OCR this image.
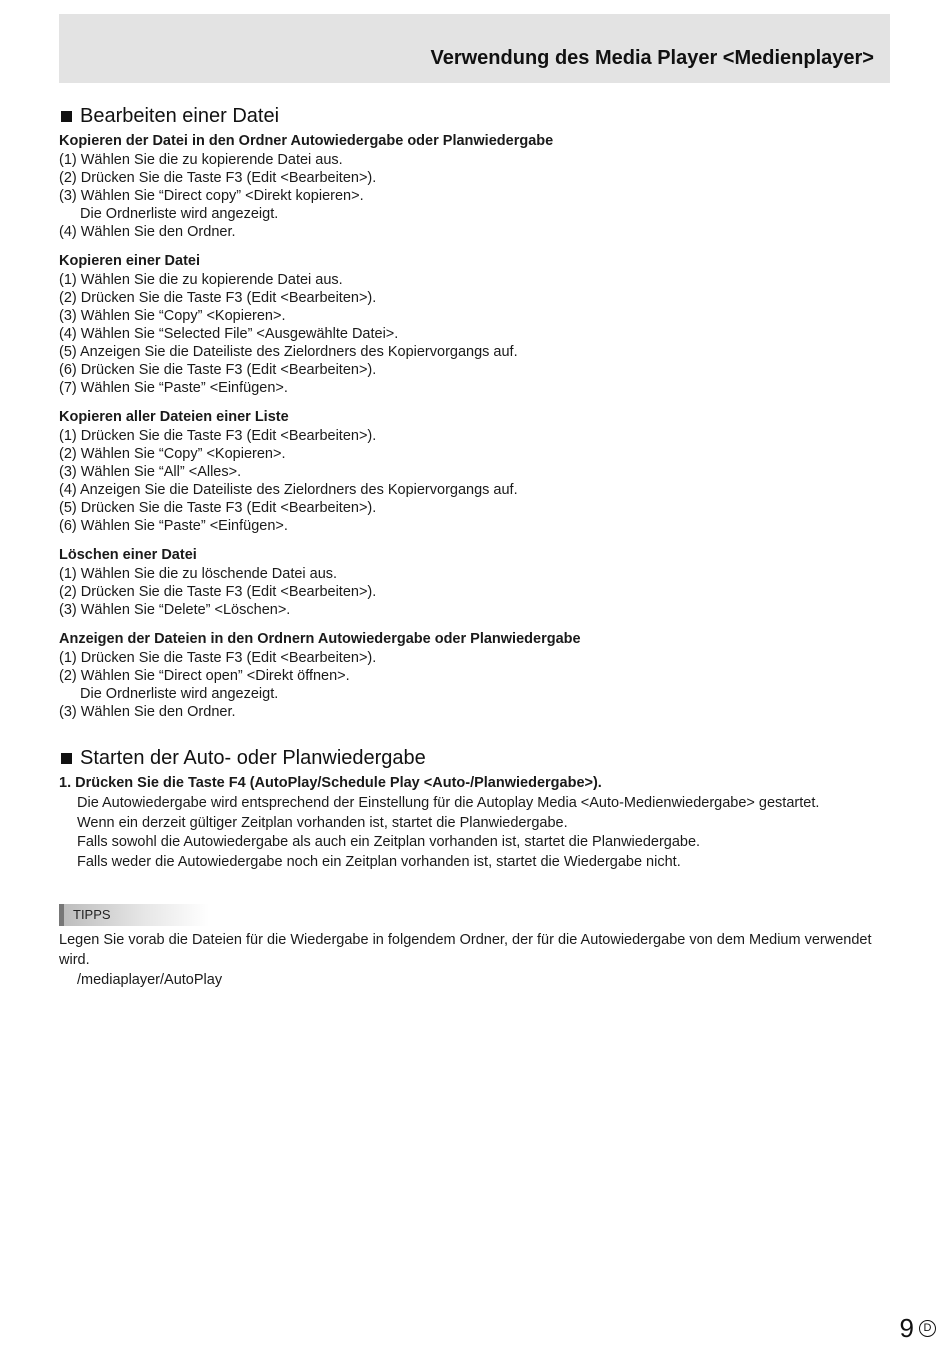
Verwendung des Media Player <Medienplayer>
Bearbeiten einer Datei
Kopieren der Datei in den Ordner Autowiedergabe oder Planwiedergabe
(1) Wählen Sie die zu kopierende Datei aus.
(2) Drücken Sie die Taste F3 (Edit <Bearbeiten>).
(3) Wählen Sie “Direct copy” <Direkt kopieren>.
Die Ordnerliste wird angezeigt.
(4) Wählen Sie den Ordner.
Kopieren einer Datei
(1) Wählen Sie die zu kopierende Datei aus.
(2) Drücken Sie die Taste F3 (Edit <Bearbeiten>).
(3) Wählen Sie “Copy” <Kopieren>.
(4) Wählen Sie “Selected File” <Ausgewählte Datei>.
(5) Anzeigen Sie die Dateiliste des Zielordners des Kopiervorgangs auf.
(6) Drücken Sie die Taste F3 (Edit <Bearbeiten>).
(7) Wählen Sie “Paste” <Einfügen>.
Kopieren aller Dateien einer Liste
(1) Drücken Sie die Taste F3 (Edit <Bearbeiten>).
(2) Wählen Sie “Copy” <Kopieren>.
(3) Wählen Sie “All” <Alles>.
(4) Anzeigen Sie die Dateiliste des Zielordners des Kopiervorgangs auf.
(5) Drücken Sie die Taste F3 (Edit <Bearbeiten>).
(6) Wählen Sie “Paste” <Einfügen>.
Löschen einer Datei
(1) Wählen Sie die zu löschende Datei aus.
(2) Drücken Sie die Taste F3 (Edit <Bearbeiten>).
(3) Wählen Sie “Delete” <Löschen>.
Anzeigen der Dateien in den Ordnern Autowiedergabe oder Planwiedergabe
(1) Drücken Sie die Taste F3 (Edit <Bearbeiten>).
(2) Wählen Sie “Direct open” <Direkt öffnen>.
Die Ordnerliste wird angezeigt.
(3) Wählen Sie den Ordner.
Starten der Auto- oder Planwiedergabe
1. Drücken Sie die Taste F4 (AutoPlay/Schedule Play <Auto-/Planwiedergabe>).
Die Autowiedergabe wird entsprechend der Einstellung für die Autoplay Media <Auto-Medienwiedergabe> gestartet.
Wenn ein derzeit gültiger Zeitplan vorhanden ist, startet die Planwiedergabe.
Falls sowohl die Autowiedergabe als auch ein Zeitplan vorhanden ist, startet die Planwiedergabe.
Falls weder die Autowiedergabe noch ein Zeitplan vorhanden ist, startet die Wiedergabe nicht.
TIPPS
Legen Sie vorab die Dateien für die Wiedergabe in folgendem Ordner, der für die Autowiedergabe von dem Medium verwendet wird.
/mediaplayer/AutoPlay
9 D
